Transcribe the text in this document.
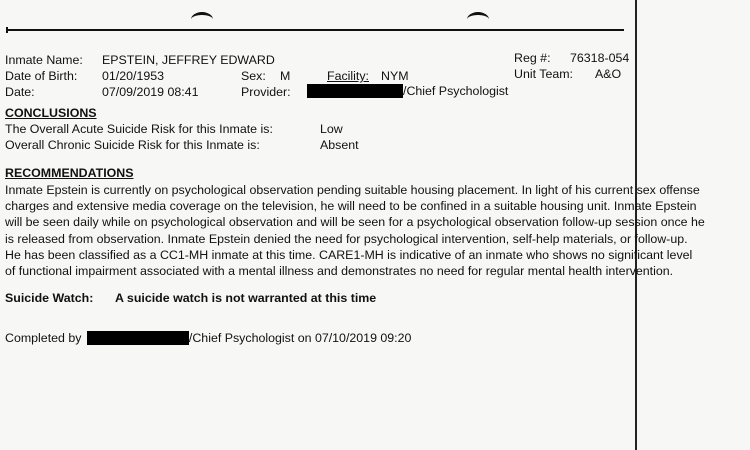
Inmate Name: EPSTEIN, JEFFREY EDWARD	Reg #: 76318-054
Date of Birth: 01/20/1953	Sex: M	Facility: NYM	Unit Team: A&O
Date:	07/09/2019 08:41	Provider:	/Chief Psychologist
CONCLUSIONS
The Overall Acute Suicide Risk for this Inmate is:	Low
Overall Chronic Suicide Risk for this Inmate is:	Absent
RECOMMENDATIONS
Inmate Epstein is currently on psychological observation pending suitable housing placement. In light of his current sex offense
charges and extensive media coverage on the television, he will need to be confined in a suitable housing unit. Inmate Epstein
will be seen daily while on psychological observation and will be seen for a psychological observation follow-up session once he
is released from observation. Inmate Epstein denied the need for psychological intervention, self-help materials, or follow-up.
He has been classified as a CC1-MH inmate at this time. CARE1-MH is indicative of an inmate who shows no significant level
of functional impairment associated with a mental illness and demonstrates no need for regular mental health intervention.
Suicide Watch: A suicide watch is not warranted at this time
Completed by	/Chief Psychologist on 07/10/2019 09:20
